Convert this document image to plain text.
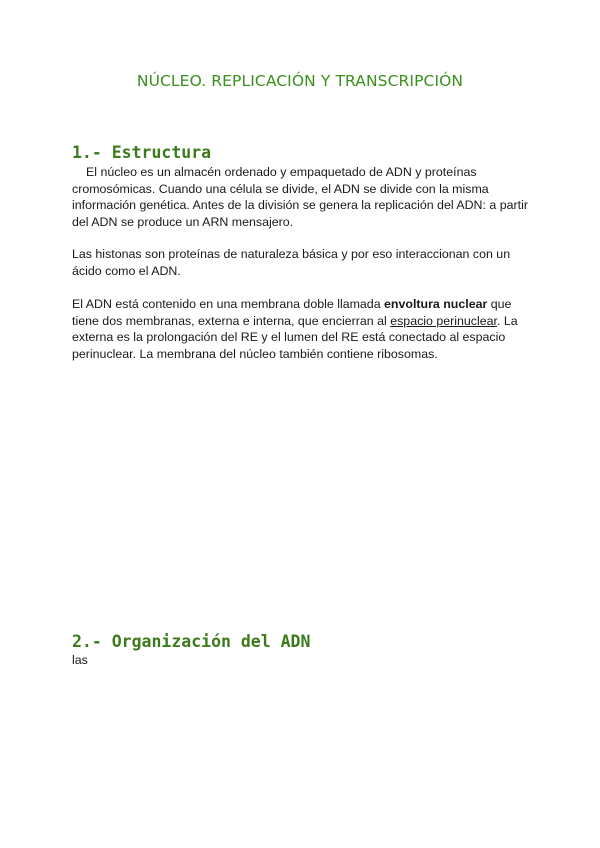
NÚCLEO. REPLICACIÓN Y TRANSCRIPCIÓN
1.- Estructura

El núcleo es un almacén ordenado y empaquetado de ADN y proteínas cromosómicas. Cuando una célula se divide, el ADN se divide con la misma información genética. Antes de la división se genera la replicación del ADN: a partir del ADN se produce un ARN mensajero.

Las histonas son proteínas de naturaleza básica y por eso interaccionan con un ácido como el ADN.

El ADN está contenido en una membrana doble llamada envoltura nuclear que tiene dos membranas, externa e interna, que encierran al espacio perinuclear. La externa es la prolongación del RE y el lumen del RE está conectado al espacio perinuclear. La membrana del núcleo también contiene ribosomas.

2.- Organización del ADN

las
